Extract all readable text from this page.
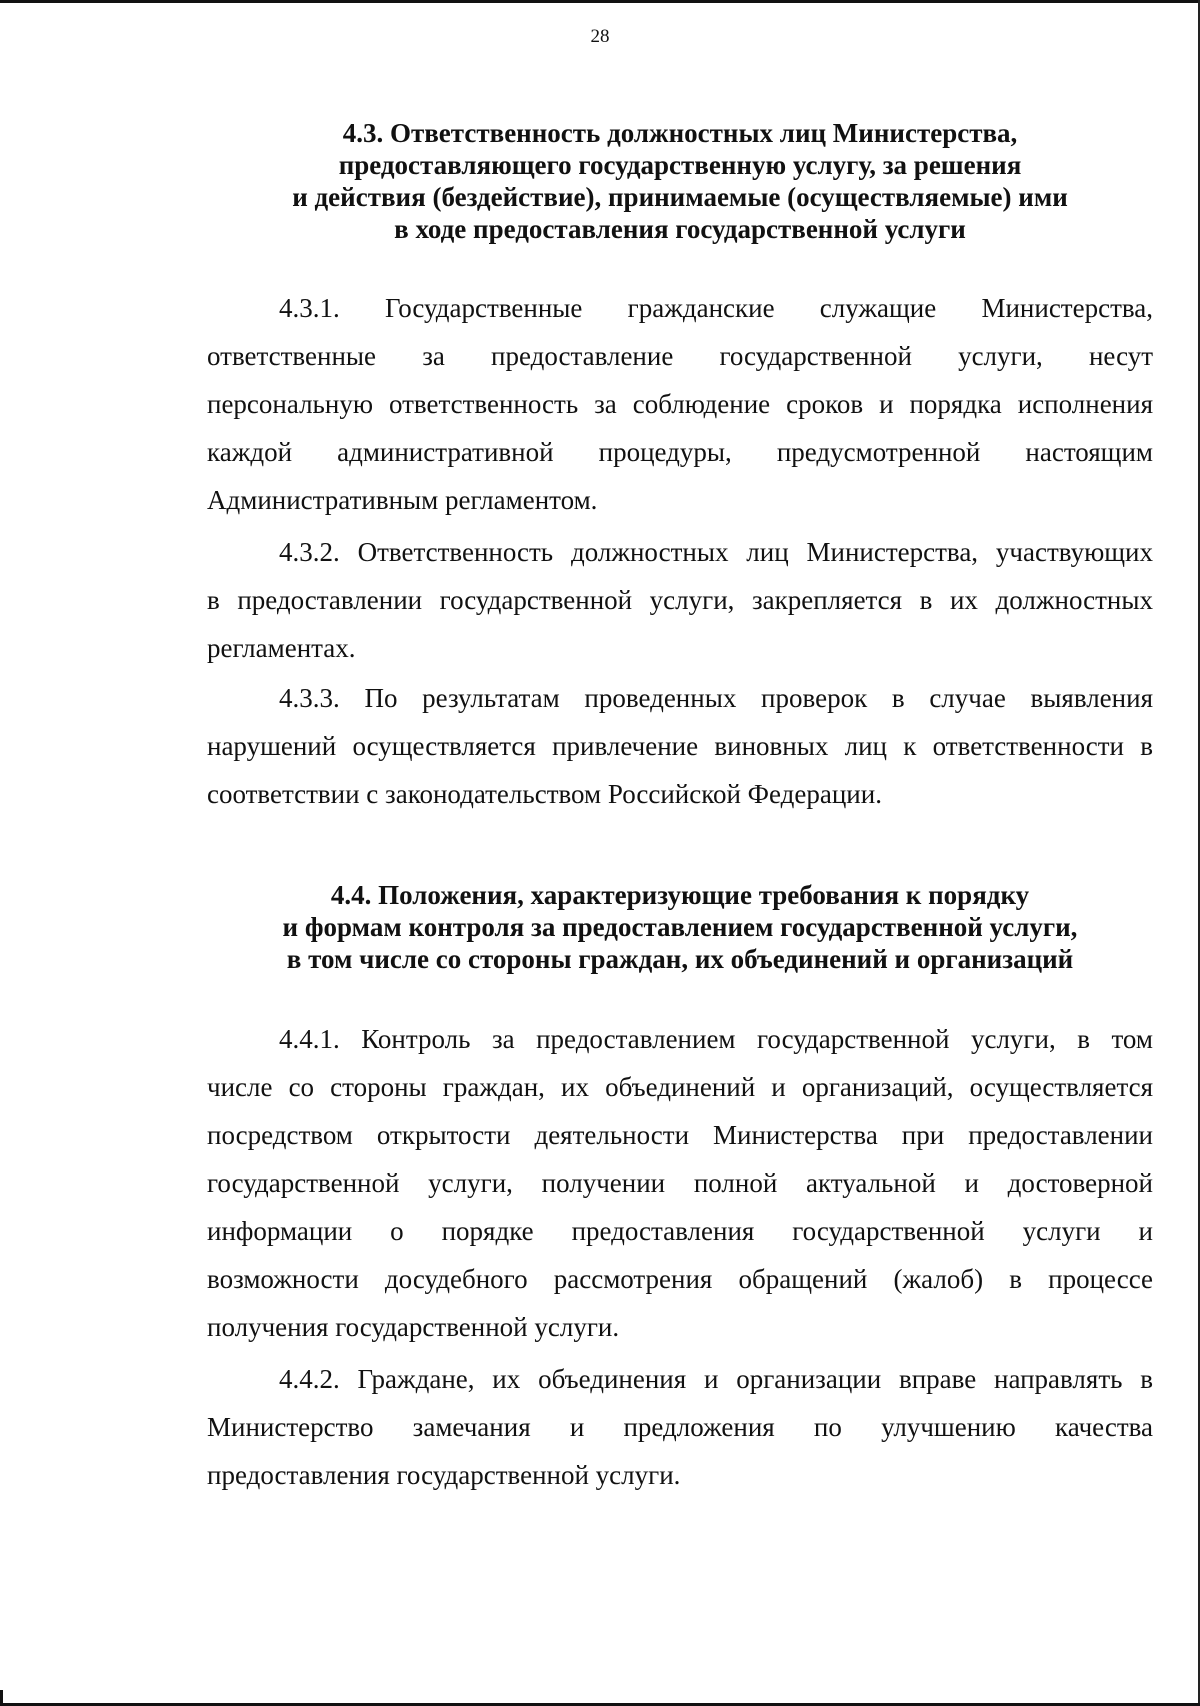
28
4.3. Ответственность должностных лиц Министерства,
предоставляющего государственную услугу, за решения
и действия (бездействие), принимаемые (осуществляемые) ими
в ходе предоставления государственной услуги
4.3.1. Государственные гражданские служащие Министерства,
ответственные за предоставление государственной услуги, несут
персональную ответственность за соблюдение сроков и порядка исполнения
каждой административной процедуры, предусмотренной настоящим
Административным регламентом.
4.3.2. Ответственность должностных лиц Министерства, участвующих
в предоставлении государственной услуги, закрепляется в их должностных
регламентах.
4.3.3. По результатам проведенных проверок в случае выявления
нарушений осуществляется привлечение виновных лиц к ответственности в
соответствии с законодательством Российской Федерации.
4.4. Положения, характеризующие требования к порядку
и формам контроля за предоставлением государственной услуги,
в том числе со стороны граждан, их объединений и организаций
4.4.1. Контроль за предоставлением государственной услуги, в том
числе со стороны граждан, их объединений и организаций, осуществляется
посредством открытости деятельности Министерства при предоставлении
государственной услуги, получении полной актуальной и достоверной
информации о порядке предоставления государственной услуги и
возможности досудебного рассмотрения обращений (жалоб) в процессе
получения государственной услуги.
4.4.2. Граждане, их объединения и организации вправе направлять в
Министерство замечания и предложения по улучшению качества
предоставления государственной услуги.
